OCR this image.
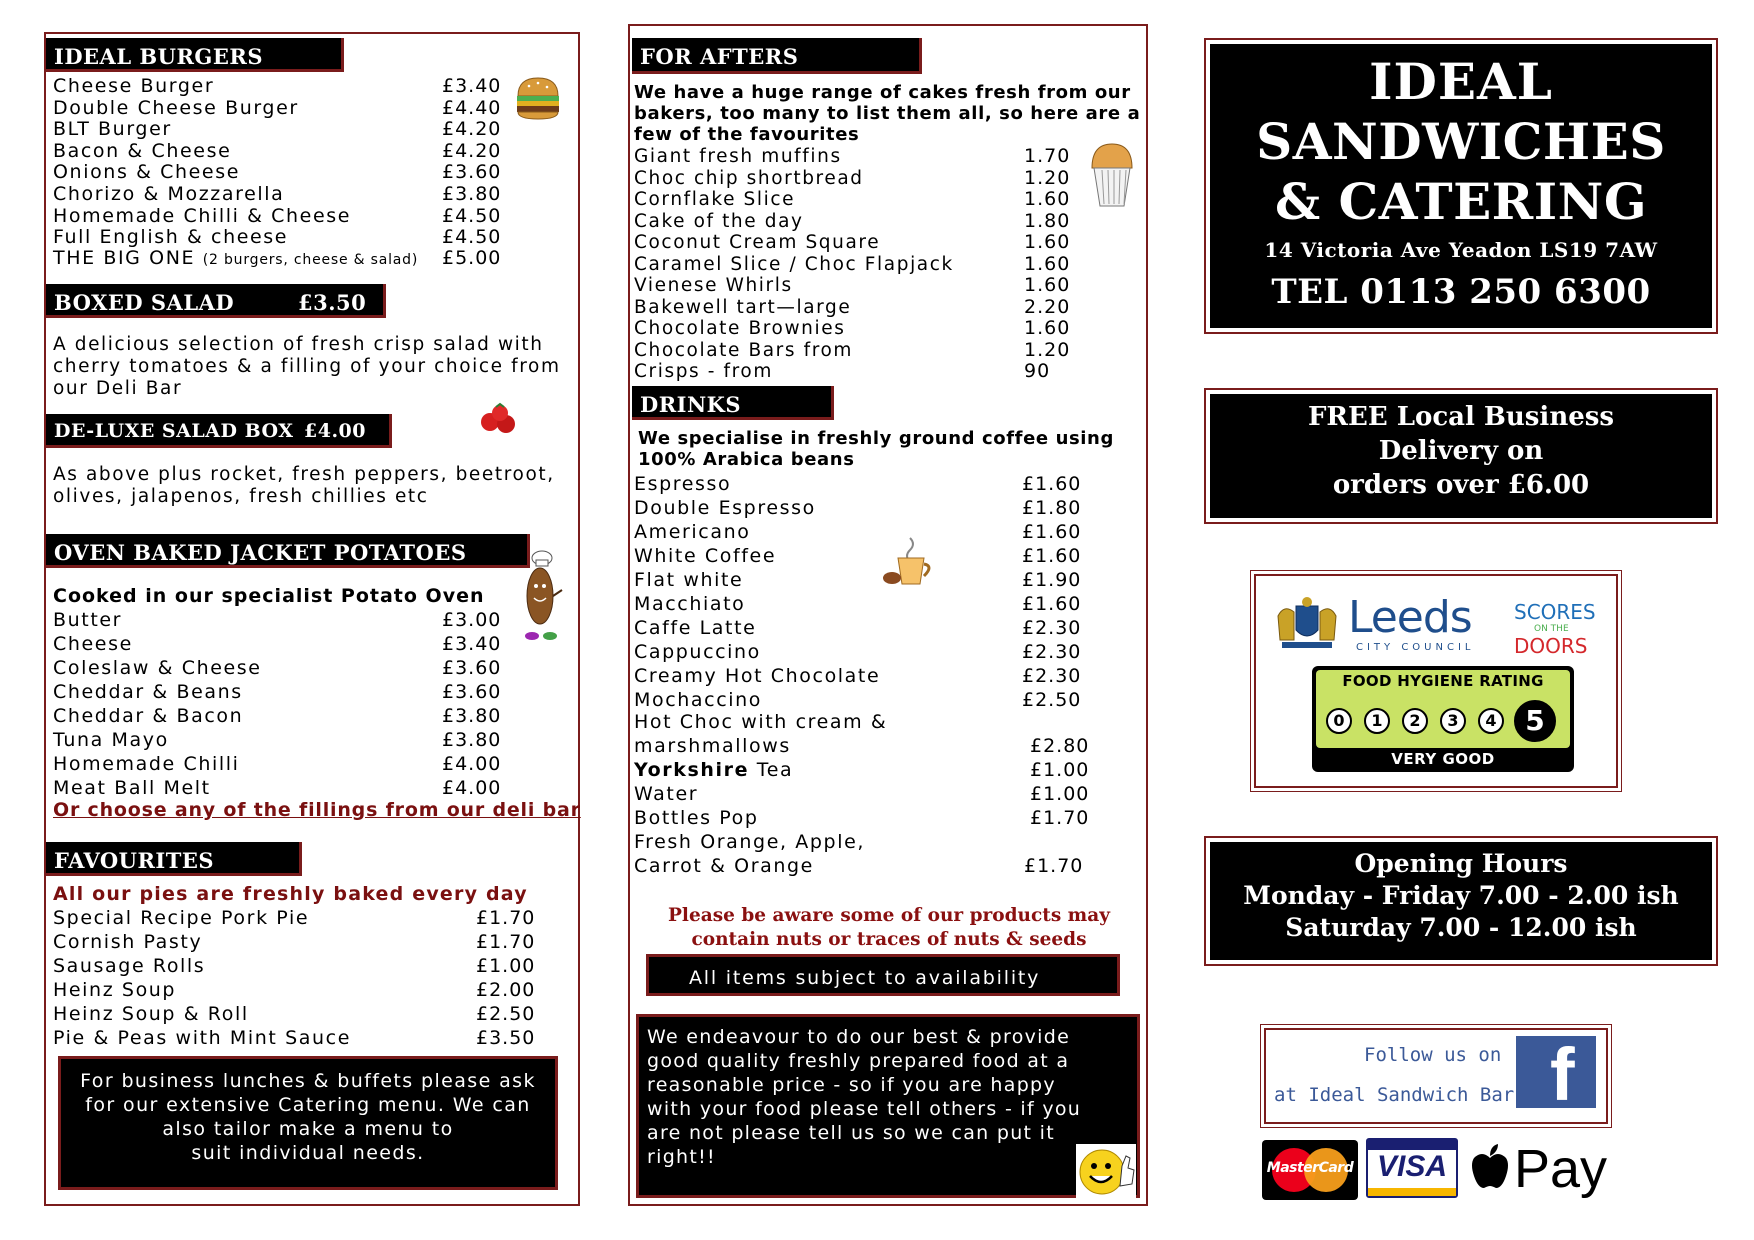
IDEAL BURGERS
Cheese Burger	£3.40
Double Cheese Burger	£4.40
BLT Burger	£4.20
Bacon & Cheese	£4.20
Onions & Cheese	£3.60
Chorizo & Mozzarella	£3.80
Homemade Chilli & Cheese	£4.50
Full English & cheese	£4.50
THE BIG ONE (2 burgers, cheese & salad) £5.00
BOXED SALAD	£3.50
A delicious selection of fresh crisp salad with cherry tomatoes & a filling of your choice from our Deli Bar
DE-LUXE SALAD BOX £4.00
As above plus rocket, fresh peppers, beetroot, olives, jalapenos, fresh chillies etc
OVEN BAKED JACKET POTATOES
Cooked in our specialist Potato Oven
Butter	£3.00
Cheese	£3.40
Coleslaw & Cheese	£3.60
Cheddar & Beans	£3.60
Cheddar & Bacon	£3.80
Tuna Mayo	£3.80
Homemade Chilli	£4.00
Meat Ball Melt	£4.00
Or choose any of the fillings from our deli bar
FAVOURITES
All our pies are freshly baked every day
Special Recipe Pork Pie	£1.70
Cornish Pasty	£1.70
Sausage Rolls	£1.00
Heinz Soup	£2.00
Heinz Soup & Roll	£2.50
Pie & Peas with Mint Sauce	£3.50
For business lunches & buffets please ask
for our extensive Catering menu. We can
also tailor make a menu to
suit individual needs.
FOR AFTERS
We have a huge range of cakes fresh from our
bakers, too many to list them all, so here are a
few of the favourites
Giant fresh muffins	1.70
Choc chip shortbread	1.20
Cornflake Slice	1.60
Cake of the day	1.80
Coconut Cream Square	1.60
Caramel Slice / Choc Flapjack	1.60
Vienese Whirls	1.60
Bakewell tart—large	2.20
Chocolate Brownies	1.60
Chocolate Bars from	1.20
Crisps - from	90
DRINKS
We specialise in freshly ground coffee using
100% Arabica beans
Espresso	£1.60
Double Espresso	£1.80
Americano	£1.60
White Coffee	£1.60
Flat white	£1.90
Macchiato	£1.60
Caffe Latte	£2.30
Cappuccino	£2.30
Creamy Hot Chocolate	£2.30
Mochaccino	£2.50
Hot Choc with cream &
marshmallows	£2.80
Yorkshire Tea	£1.00
Water	£1.00
Bottles Pop	£1.70
Fresh Orange, Apple,
Carrot & Orange	£1.70
Please be aware some of our products may
contain nuts or traces of nuts & seeds
All items subject to availability
We endeavour to do our best & provide
good quality freshly prepared food at a
reasonable price - so if you are happy
with your food please tell others - if you
are not please tell us so we can put it
right!!
IDEAL
SANDWICHES
& CATERING
14 Victoria Ave Yeadon LS19 7AW
TEL 0113 250 6300
FREE Local Business
Delivery on
orders over £6.00
Leeds
CITY COUNCIL
SCORES
ON THE
DOORS
FOOD HYGIENE RATING
0	1	2	3	4	5
VERY GOOD
Opening Hours
Monday - Friday 7.00 - 2.00 ish
Saturday 7.00 - 12.00 ish
Follow us on
at Ideal Sandwich Bar f
MasterCard VISA Pay
